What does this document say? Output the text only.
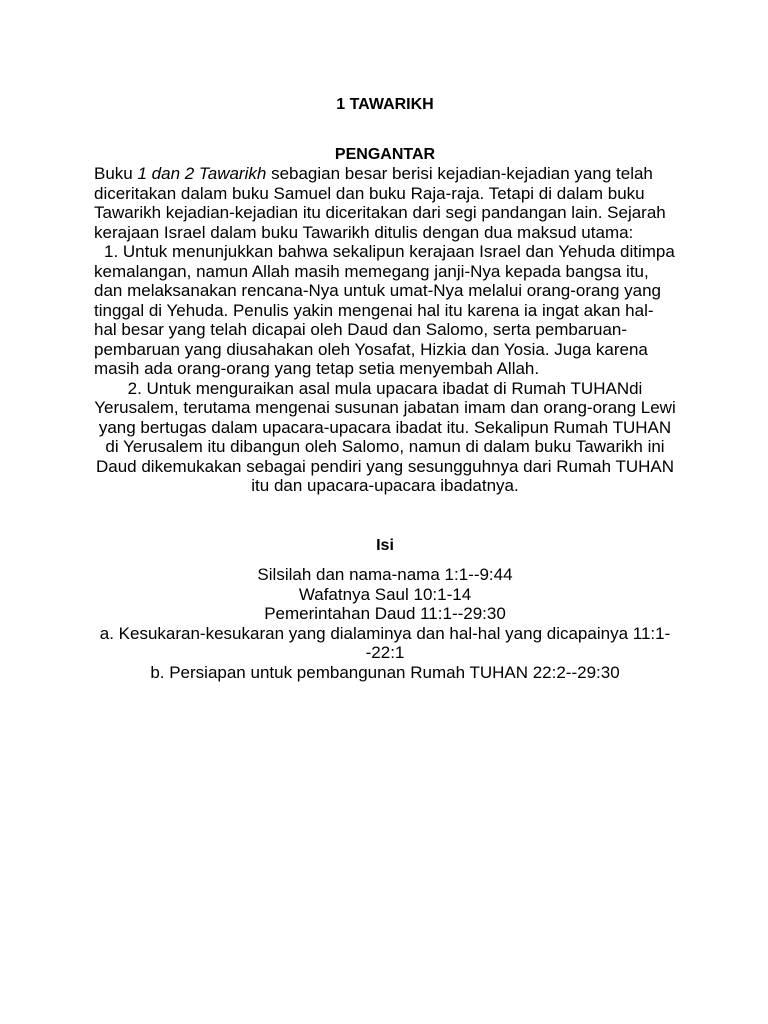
1 TAWARIKH

PENGANTAR

Buku 1 dan 2 Tawarikh sebagian besar berisi kejadian-kejadian yang telah diceritakan dalam buku Samuel dan buku Raja-raja. Tetapi di dalam buku Tawarikh kejadian-kejadian itu diceritakan dari segi pandangan lain. Sejarah kerajaan Israel dalam buku Tawarikh ditulis dengan dua maksud utama:

1. Untuk menunjukkan bahwa sekalipun kerajaan Israel dan Yehuda ditimpa kemalangan, namun Allah masih memegang janji-Nya kepada bangsa itu, dan melaksanakan rencana-Nya untuk umat-Nya melalui orang-orang yang tinggal di Yehuda. Penulis yakin mengenai hal itu karena ia ingat akan hal-hal besar yang telah dicapai oleh Daud dan Salomo, serta pembaruan-pembaruan yang diusahakan oleh Yosafat, Hizkia dan Yosia. Juga karena masih ada orang-orang yang tetap setia menyembah Allah.

2. Untuk menguraikan asal mula upacara ibadat di Rumah TUHANdi Yerusalem, terutama mengenai susunan jabatan imam dan orang-orang Lewi yang bertugas dalam upacara-upacara ibadat itu. Sekalipun Rumah TUHAN di Yerusalem itu dibangun oleh Salomo, namun di dalam buku Tawarikh ini Daud dikemukakan sebagai pendiri yang sesungguhnya dari Rumah TUHAN itu dan upacara-upacara ibadatnya.

Isi

Silsilah dan nama-nama 1:1--9:44

Wafatnya Saul 10:1-14

Pemerintahan Daud 11:1--29:30

a. Kesukaran-kesukaran yang dialaminya dan hal-hal yang dicapainya 11:1--22:1

b. Persiapan untuk pembangunan Rumah TUHAN 22:2--29:30
